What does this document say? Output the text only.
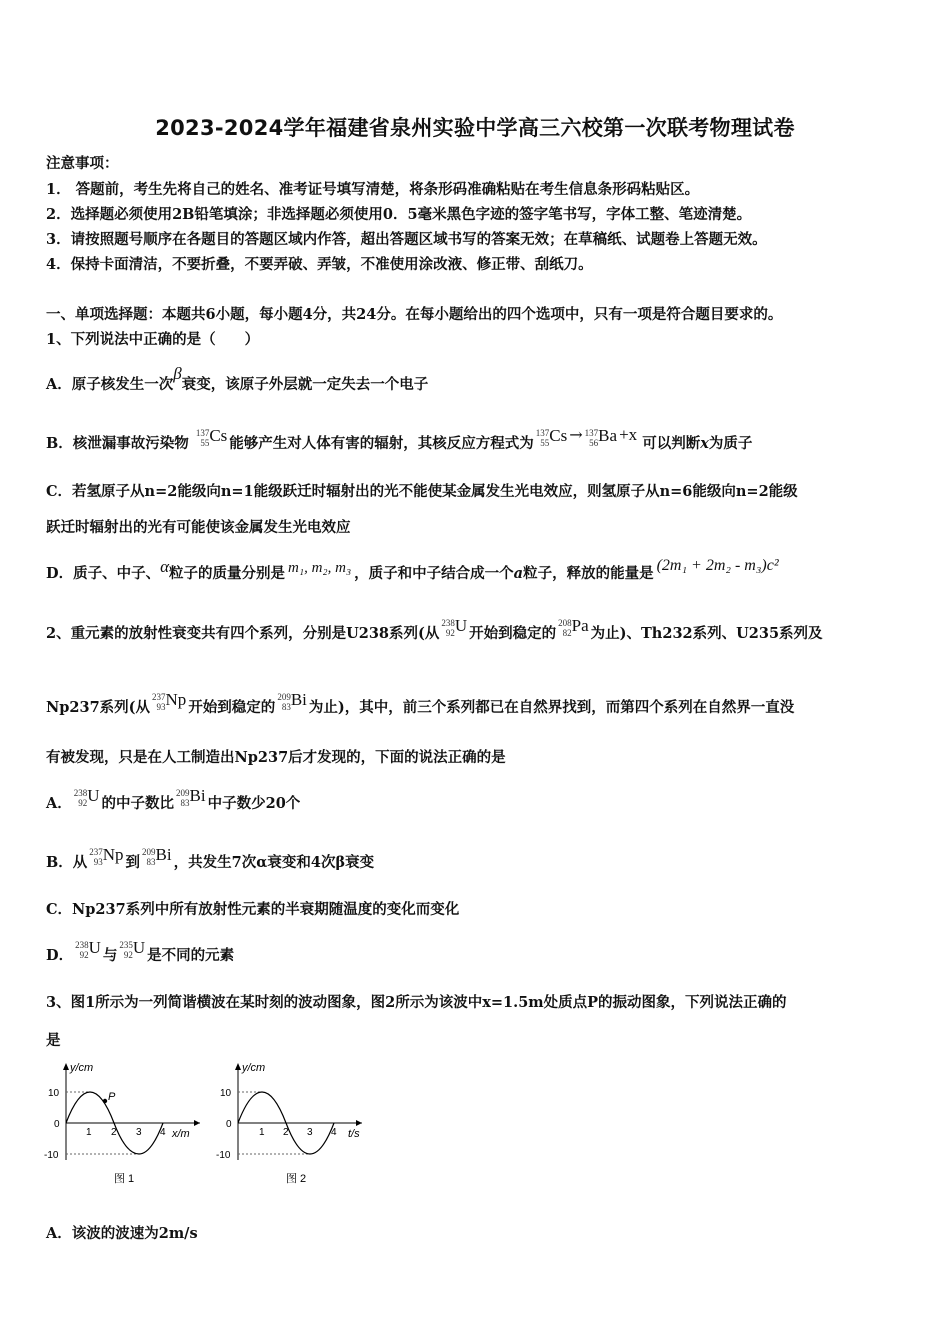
2023-2024学年福建省泉州实验中学高三六校第一次联考物理试卷
注意事项：
1． 答题前，考生先将自己的姓名、准考证号填写清楚，将条形码准确粘贴在考生信息条形码粘贴区。
2．选择题必须使用2B铅笔填涂；非选择题必须使用0．5毫米黑色字迹的签字笔书写，字体工整、笔迹清楚。
3．请按照题号顺序在各题目的答题区域内作答，超出答题区域书写的答案无效；在草稿纸、试题卷上答题无效。
4．保持卡面清洁，不要折叠，不要弄破、弄皱，不准使用涂改液、修正带、刮纸刀。
一、单项选择题：本题共6小题，每小题4分，共24分。在每小题给出的四个选项中，只有一项是符合题目要求的。
1、下列说法中正确的是（　　）
A．原子核发生一次β衰变，该原子外层就一定失去一个电子
B．核泄漏事故污染物
137
55 Cs 能够产生对人体有害的辐射，其核反应方程式为
137
55 Cs → 137
56 Ba +x 可以判断x为质子
C．若氢原子从n=2能级向n=1能级跃迁时辐射出的光不能使某金属发生光电效应，则氢原子从n=6能级向n=2能级
跃迁时辐射出的光有可能使该金属发生光电效应
D．质子、中子、α粒子的质量分别是 m₁, m₂, m₃ ，质子和中子结合成一个a粒子，释放的能量是 (2m₁ + 2m₂ - m₃)c²
2、重元素的放射性衰变共有四个系列，分别是U238系列(从
238
92 U 开始到稳定的
208
82 Pa 为止)、Th232系列、U235系列及
Np237系列(从
237
93 Np 开始到稳定的
209
83 Bi 为止)，其中，前三个系列都已在自然界找到，而第四个系列在自然界一直没
有被发现，只是在人工制造出Np237后才发现的，下面的说法正确的是
A．
238
92 U 的中子数比
209
83 Bi 中子数少20个
B．从
237
93 Np 到
209
83 Bi ，共发生7次α衰变和4次β衰变
C．Np237系列中所有放射性元素的半衰期随温度的变化而变化
D．
238
92 U 与
235
92 U 是不同的元素
3、图1所示为一列简谐横波在某时刻的波动图象，图2所示为该波中x=1.5m处质点P的振动图象，下列说法正确的
是
y/cm
x/m
10
0
-10
1 2 3 4
P
图 1
y/cm
t/s
10
0
-10
1 2 3 4
图 2
A．该波的波速为2m/s
